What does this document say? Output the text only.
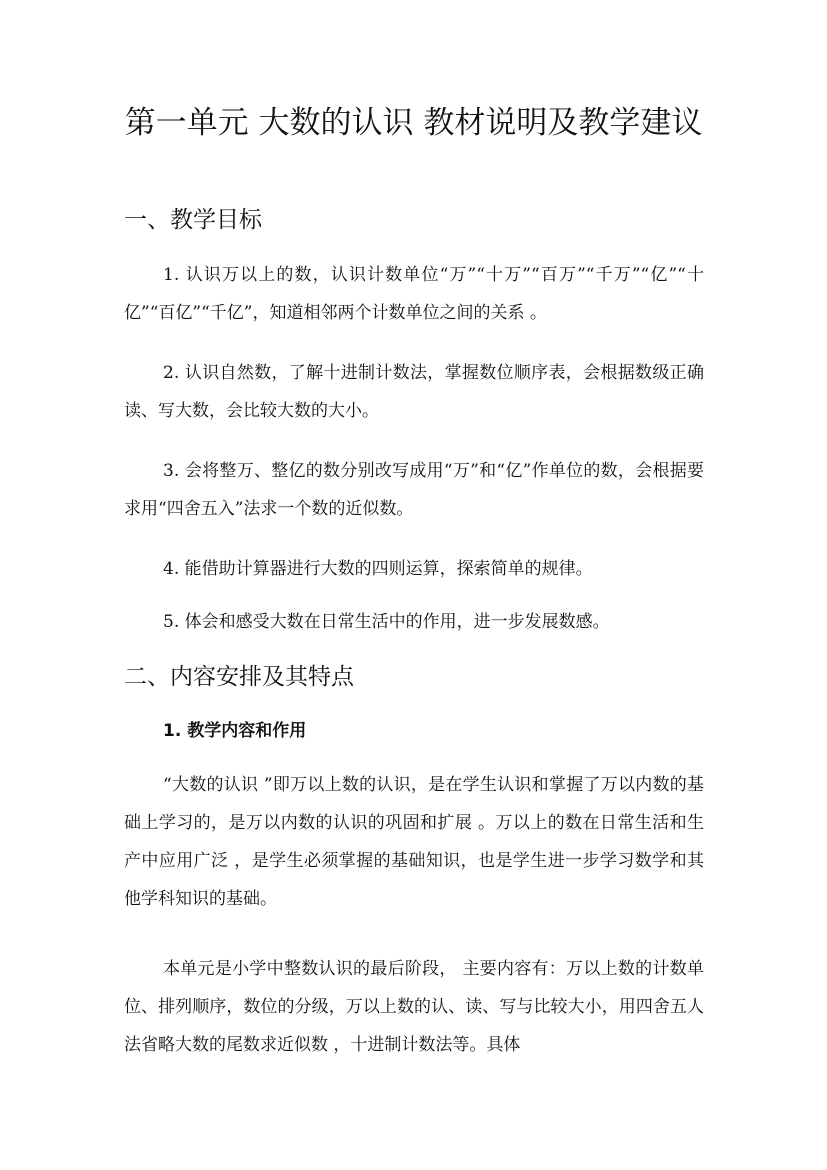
第一单元 大数的认识 教材说明及教学建议
一、教学目标
1. 认识万以上的数，认识计数单位“万”“十万”“百万”“千万”“亿”“十亿”“百亿”“千亿”，知道相邻两个计数单位之间的关系 。
2. 认识自然数，了解十进制计数法，掌握数位顺序表，会根据数级正确读、写大数，会比较大数的大小。
3. 会将整万、整亿的数分别改写成用“万”和“亿”作单位的数，会根据要求用“四舍五入”法求一个数的近似数。
4. 能借助计算器进行大数的四则运算，探索简单的规律。
5. 体会和感受大数在日常生活中的作用，进一步发展数感。
二、内容安排及其特点
1. 教学内容和作用
“大数的认识 ”即万以上数的认识，是在学生认识和掌握了万以内数的基础上学习的，是万以内数的认识的巩固和扩展 。万以上的数在日常生活和生产中应用广泛 ，是学生必须掌握的基础知识，也是学生进一步学习数学和其他学科知识的基础。
本单元是小学中整数认识的最后阶段， 主要内容有：万以上数的计数单位、排列顺序，数位的分级，万以上数的认、读、写与比较大小，用四舍五人法省略大数的尾数求近似数 ，十进制计数法等。具体
